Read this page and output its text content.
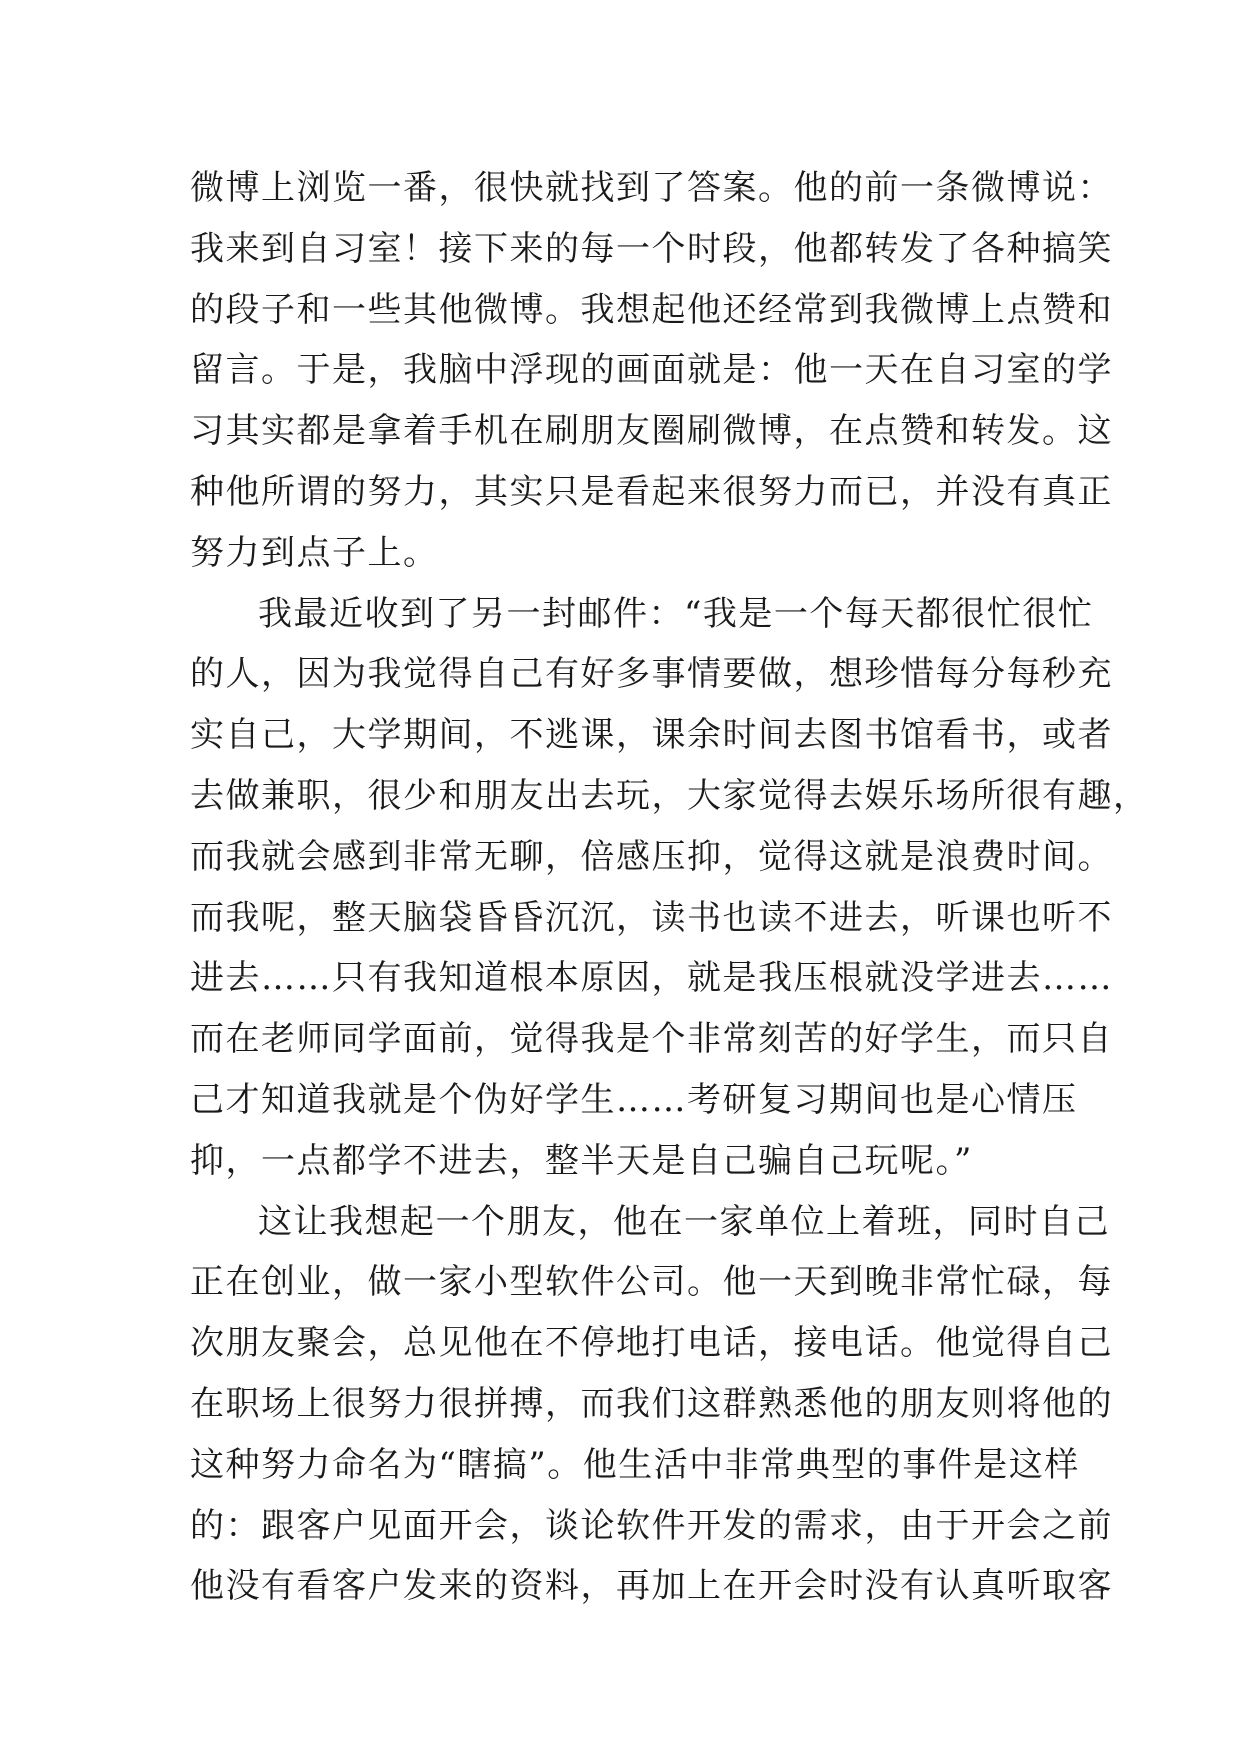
微博上浏览一番，很快就找到了答案。他的前一条微博说：
我来到自习室！接下来的每一个时段，他都转发了各种搞笑
的段子和一些其他微博。我想起他还经常到我微博上点赞和
留言。于是，我脑中浮现的画面就是：他一天在自习室的学
习其实都是拿着手机在刷朋友圈刷微博，在点赞和转发。这
种他所谓的努力，其实只是看起来很努力而已，并没有真正
努力到点子上。
我最近收到了另一封邮件：“我是一个每天都很忙很忙
的人，因为我觉得自己有好多事情要做，想珍惜每分每秒充
实自己，大学期间，不逃课，课余时间去图书馆看书，或者
去做兼职，很少和朋友出去玩，大家觉得去娱乐场所很有趣，
而我就会感到非常无聊，倍感压抑，觉得这就是浪费时间。
而我呢，整天脑袋昏昏沉沉，读书也读不进去，听课也听不
进去……只有我知道根本原因，就是我压根就没学进去……
而在老师同学面前，觉得我是个非常刻苦的好学生，而只自
己才知道我就是个伪好学生……考研复习期间也是心情压
抑，一点都学不进去，整半天是自己骗自己玩呢。”
这让我想起一个朋友，他在一家单位上着班，同时自己
正在创业，做一家小型软件公司。他一天到晚非常忙碌，每
次朋友聚会，总见他在不停地打电话，接电话。他觉得自己
在职场上很努力很拼搏，而我们这群熟悉他的朋友则将他的
这种努力命名为“瞎搞”。他生活中非常典型的事件是这样
的：跟客户见面开会，谈论软件开发的需求，由于开会之前
他没有看客户发来的资料，再加上在开会时没有认真听取客
